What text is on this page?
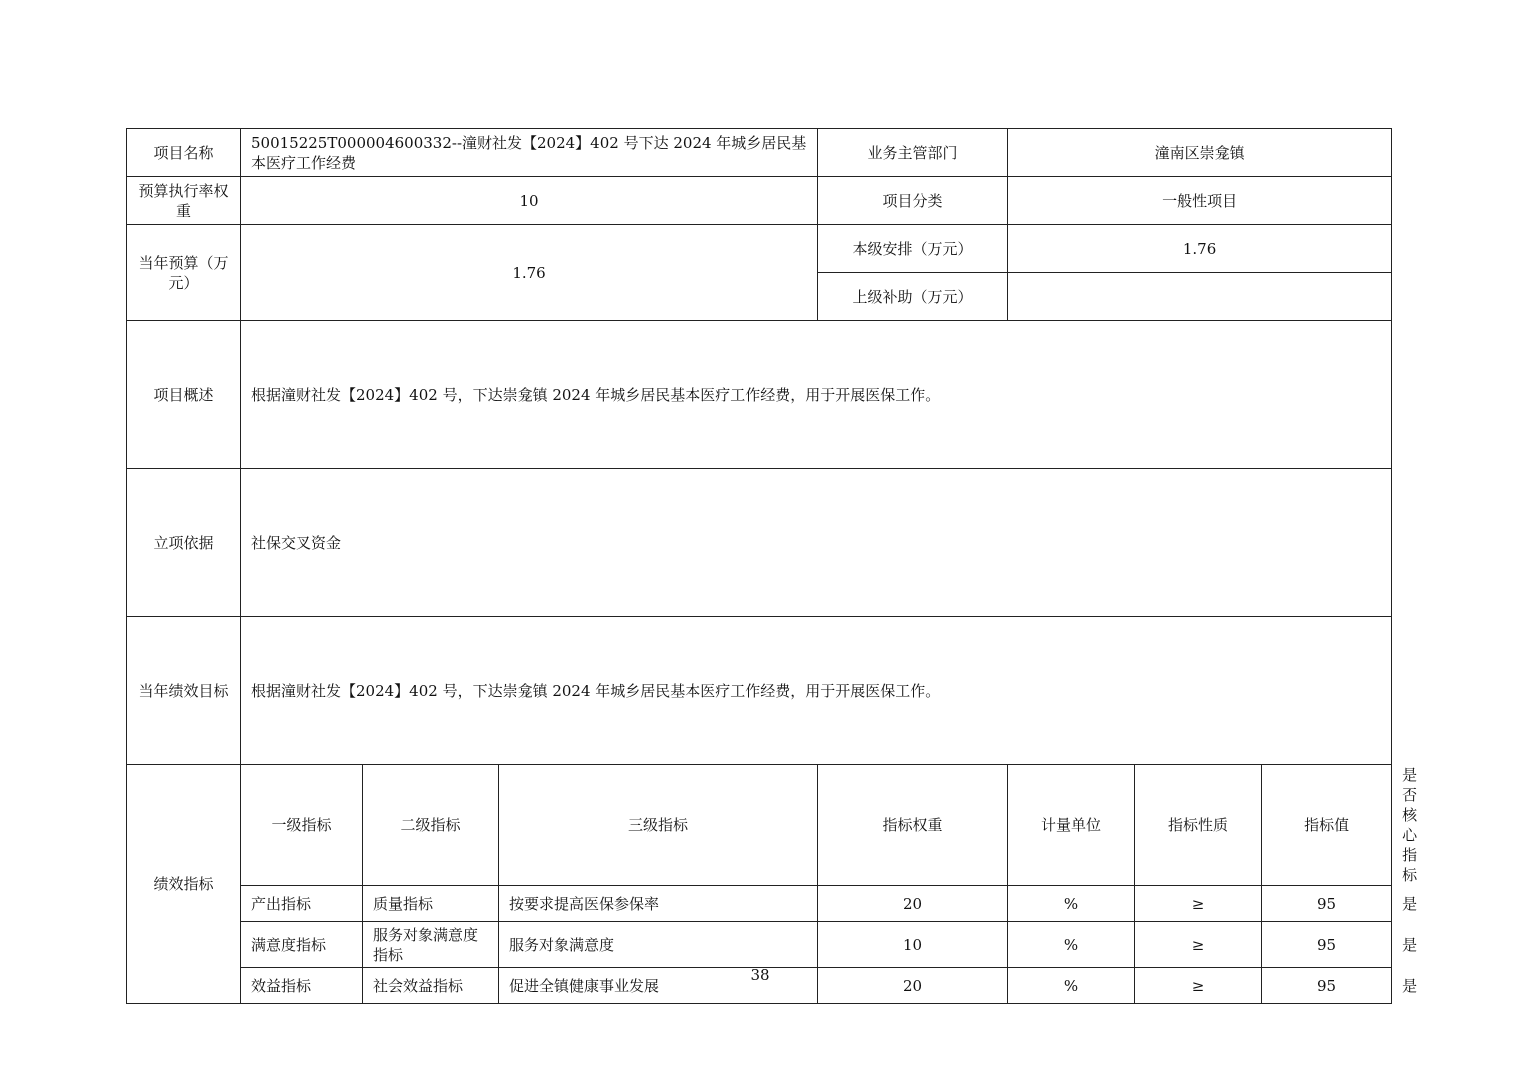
项目名称	50015225T000004600332--潼财社发【2024】402 号下达 2024 年城乡居民基本医疗工作经费			业务主管部门	潼南区崇龛镇			
预算执行率权重	10			项目分类	一般性项目			
当年预算（万元）	1.76			本级安排（万元）	1.76			
				上级补助（万元）				
项目概述	根据潼财社发【2024】402 号，下达崇龛镇 2024 年城乡居民基本医疗工作经费，用于开展医保工作。							
立项依据	社保交叉资金							
当年绩效目标	根据潼财社发【2024】402 号，下达崇龛镇 2024 年城乡居民基本医疗工作经费，用于开展医保工作。							
绩效指标	一级指标	二级指标	三级指标	指标权重	计量单位	指标性质	指标值	是否核心指标
	产出指标	质量指标	按要求提高医保参保率	20	%	≥	95	是
	满意度指标	服务对象满意度指标	服务对象满意度	10	%	≥	95	是
	效益指标	社会效益指标	促进全镇健康事业发展	20	%	≥	95	是
38
